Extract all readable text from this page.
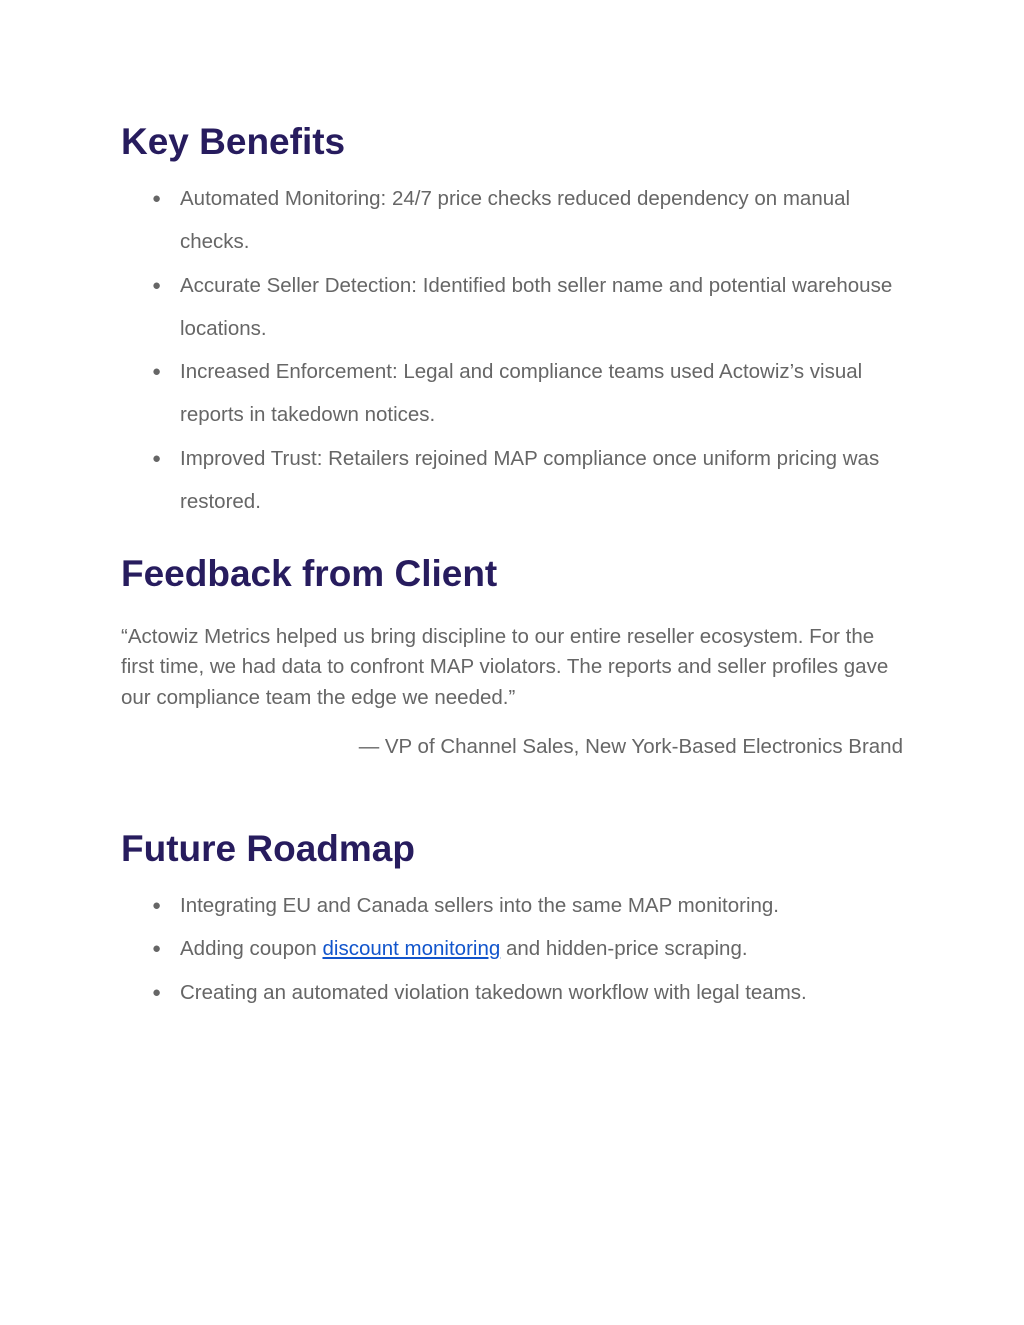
Key Benefits
● Automated Monitoring: 24/7 price checks reduced dependency on manual checks.
● Accurate Seller Detection: Identified both seller name and potential warehouse locations.
● Increased Enforcement: Legal and compliance teams used Actowiz’s visual reports in takedown notices.
● Improved Trust: Retailers rejoined MAP compliance once uniform pricing was restored.
Feedback from Client

“Actowiz Metrics helped us bring discipline to our entire reseller ecosystem. For the first time, we had data to confront MAP violators. The reports and seller profiles gave our compliance team the edge we needed.”

— VP of Channel Sales, New York-Based Electronics Brand

Future Roadmap
● Integrating EU and Canada sellers into the same MAP monitoring.
● Adding coupon discount monitoring and hidden-price scraping.
● Creating an automated violation takedown workflow with legal teams.
